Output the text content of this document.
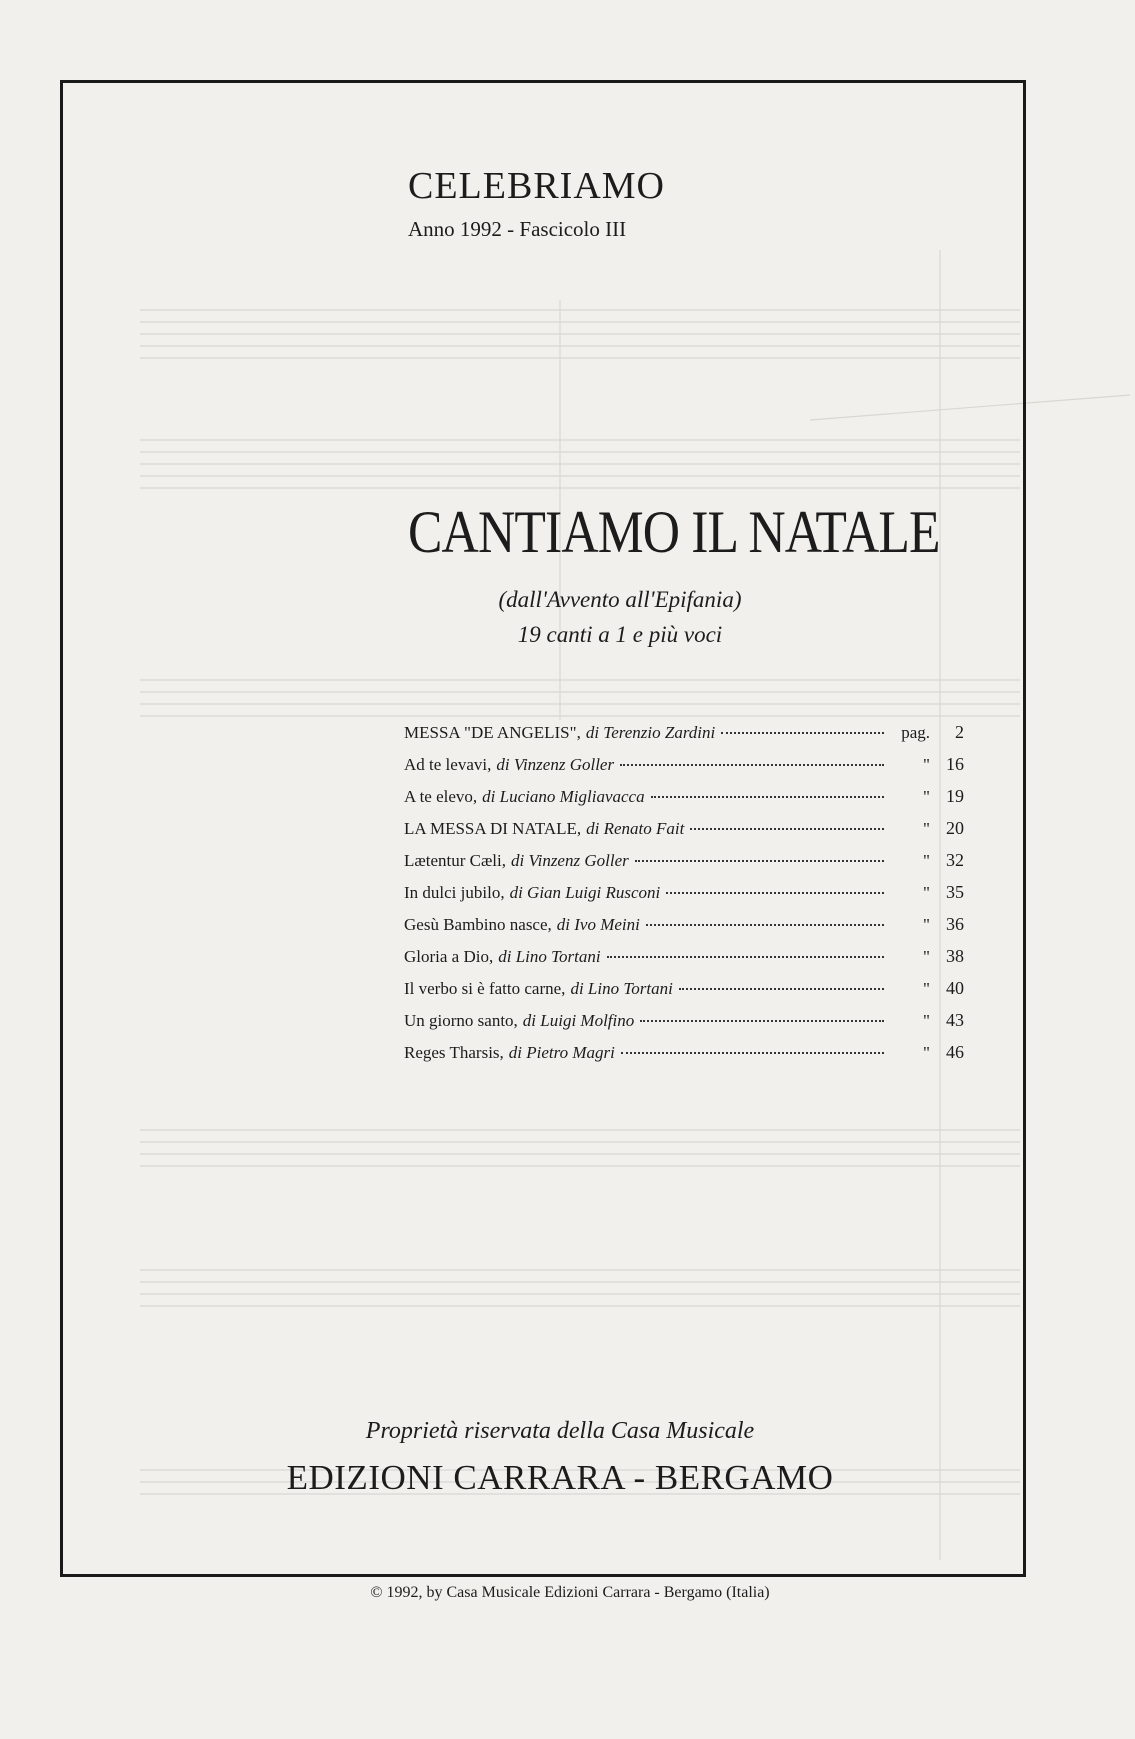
CELEBRIAMO
Anno 1992 - Fascicolo III
CANTIAMO IL NATALE
(dall'Avvento all'Epifania)
19 canti a 1 e più voci
MESSA "DE ANGELIS", di Terenzio Zardini	pag.	2
Ad te levavi, di Vinzenz Goller	" 16
A te elevo, di Luciano Migliavacca	" 19
LA MESSA DI NATALE, di Renato Fait	" 20
Lætentur Cæli, di Vinzenz Goller	" 32
In dulci jubilo, di Gian Luigi Rusconi	" 35
Gesù Bambino nasce, di Ivo Meini	" 36
Gloria a Dio, di Lino Tortani	" 38
Il verbo si è fatto carne, di Lino Tortani	" 40
Un giorno santo, di Luigi Molfino	" 43
Reges Tharsis, di Pietro Magri	" 46
Proprietà riservata della Casa Musicale
EDIZIONI CARRARA - BERGAMO
© 1992, by Casa Musicale Edizioni Carrara - Bergamo (Italia)
